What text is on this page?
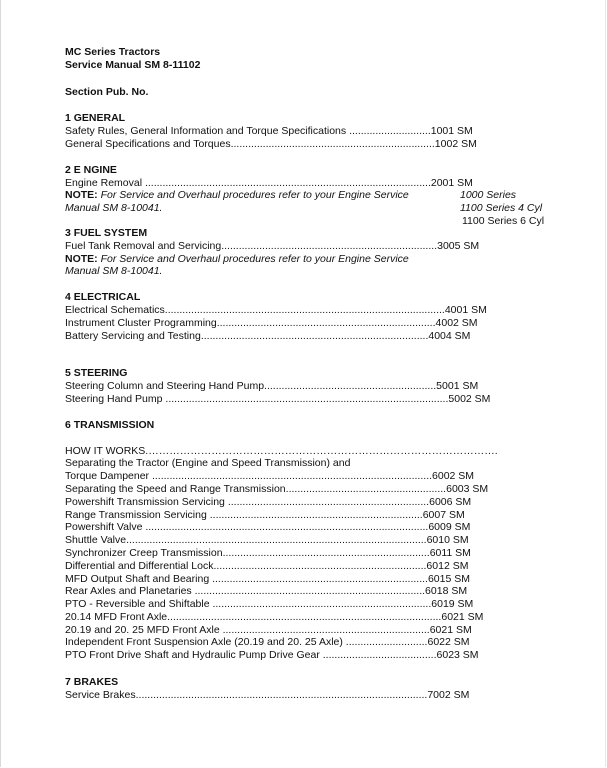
MC Series Tractors
Service Manual SM 8-11102
Section Pub. No.
1 GENERAL
Safety Rules, General Information and Torque Specifications ............................1001 SM
General Specifications and Torques......................................................................1002 SM
2 E NGINE
Engine Removal ..................................................................................................2001 SM
NOTE: For Service and Overhaul procedures refer to your Engine Service
Manual SM 8-10041.
1000 Series
1100 Series 4 Cyl
1100 Series 6 Cyl
3 FUEL SYSTEM
Fuel Tank Removal and Servicing..........................................................................3005 SM
NOTE: For Service and Overhaul procedures refer to your Engine Service
Manual SM 8-10041.
4 ELECTRICAL
Electrical Schematics................................................................................................4001 SM
Instrument Cluster Programming...........................................................................4002 SM
Battery Servicing and Testing..............................................................................4004 SM
5 STEERING
Steering Column and Steering Hand Pump...........................................................5001 SM
Steering Hand Pump .................................................................................................5002 SM
6 TRANSMISSION
HOW IT WORKS.……………………………………………………………………………………….
Separating the Tractor (Engine and Speed Transmission) and
Torque Dampener ................................................................................................6002 SM
Separating the Speed and Range Transmission.......................................................6003 SM
Powershift Transmission Servicing .....................................................................6006 SM
Range Transmission Servicing .........................................................................6007 SM
Powershift Valve .................................................................................................6009 SM
Shuttle Valve.......................................................................................................6010 SM
Synchronizer Creep Transmission.......................................................................6011 SM
Differential and Differential Lock.........................................................................6012 SM
MFD Output Shaft and Bearing ..........................................................................6015 SM
Rear Axles and Planetaries ...............................................................................6018 SM
PTO - Reversible and Shiftable ...........................................................................6019 SM
20.14 MFD Front Axle..............................................................................................6021 SM
20.19 and 20. 25 MFD Front Axle .......................................................................6021 SM
Independent Front Suspension Axle (20.19 and 20. 25 Axle) ............................6022 SM
PTO Front Drive Shaft and Hydraulic Pump Drive Gear .......................................6023 SM
7 BRAKES
Service Brakes....................................................................................................7002 SM
